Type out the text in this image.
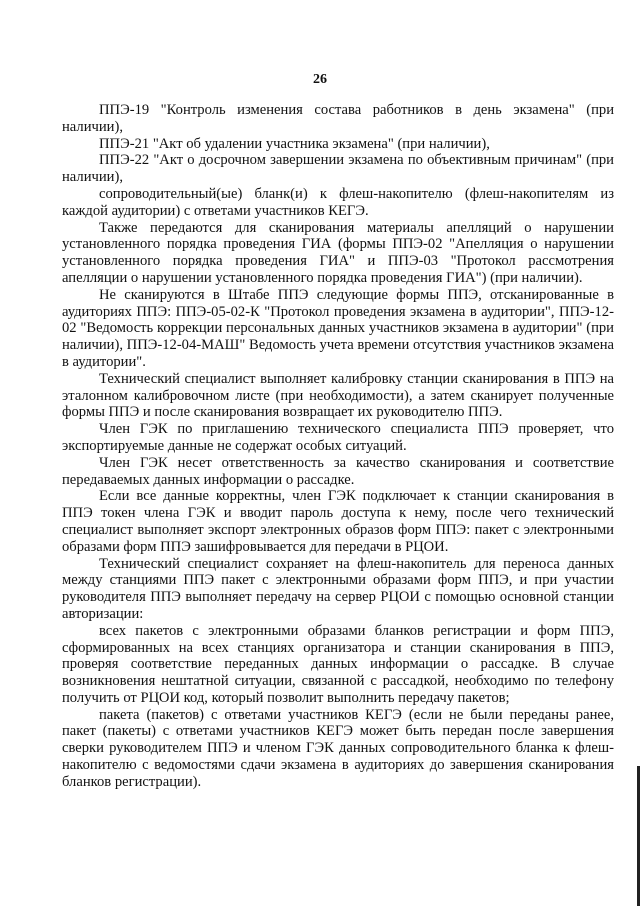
26

ППЭ-19 "Контроль изменения состава работников в день экзамена" (при наличии),

ППЭ-21 "Акт об удалении участника экзамена" (при наличии),

ППЭ-22 "Акт о досрочном завершении экзамена по объективным причинам" (при наличии),

сопроводительный(ые) бланк(и) к флеш-накопителю (флеш-накопителям из каждой аудитории) с ответами участников КЕГЭ.

Также передаются для сканирования материалы апелляций о нарушении установленного порядка проведения ГИА (формы ППЭ-02 "Апелляция о нарушении установленного порядка проведения ГИА" и ППЭ-03 "Протокол рассмотрения апелляции о нарушении установленного порядка проведения ГИА") (при наличии).

Не сканируются в Штабе ППЭ следующие формы ППЭ, отсканированные в аудиториях ППЭ: ППЭ-05-02-К "Протокол проведения экзамена в аудитории", ППЭ-12-02 "Ведомость коррекции персональных данных участников экзамена в аудитории" (при наличии), ППЭ-12-04-МАШ" Ведомость учета времени отсутствия участников экзамена в аудитории".

Технический специалист выполняет калибровку станции сканирования в ППЭ на эталонном калибровочном листе (при необходимости), а затем сканирует полученные формы ППЭ и после сканирования возвращает их руководителю ППЭ.

Член ГЭК по приглашению технического специалиста ППЭ проверяет, что экспортируемые данные не содержат особых ситуаций.

Член ГЭК несет ответственность за качество сканирования и соответствие передаваемых данных информации о рассадке.

Если все данные корректны, член ГЭК подключает к станции сканирования в ППЭ токен члена ГЭК и вводит пароль доступа к нему, после чего технический специалист выполняет экспорт электронных образов форм ППЭ: пакет с электронными образами форм ППЭ зашифровывается для передачи в РЦОИ.

Технический специалист сохраняет на флеш-накопитель для переноса данных между станциями ППЭ пакет с электронными образами форм ППЭ, и при участии руководителя ППЭ выполняет передачу на сервер РЦОИ с помощью основной станции авторизации:

всех пакетов с электронными образами бланков регистрации и форм ППЭ, сформированных на всех станциях организатора и станции сканирования в ППЭ, проверяя соответствие переданных данных информации о рассадке. В случае возникновения нештатной ситуации, связанной с рассадкой, необходимо по телефону получить от РЦОИ код, который позволит выполнить передачу пакетов;

пакета (пакетов) с ответами участников КЕГЭ (если не были переданы ранее, пакет (пакеты) с ответами участников КЕГЭ может быть передан после завершения сверки руководителем ППЭ и членом ГЭК данных сопроводительного бланка к флеш-накопителю с ведомостями сдачи экзамена в аудиториях до завершения сканирования бланков регистрации).
